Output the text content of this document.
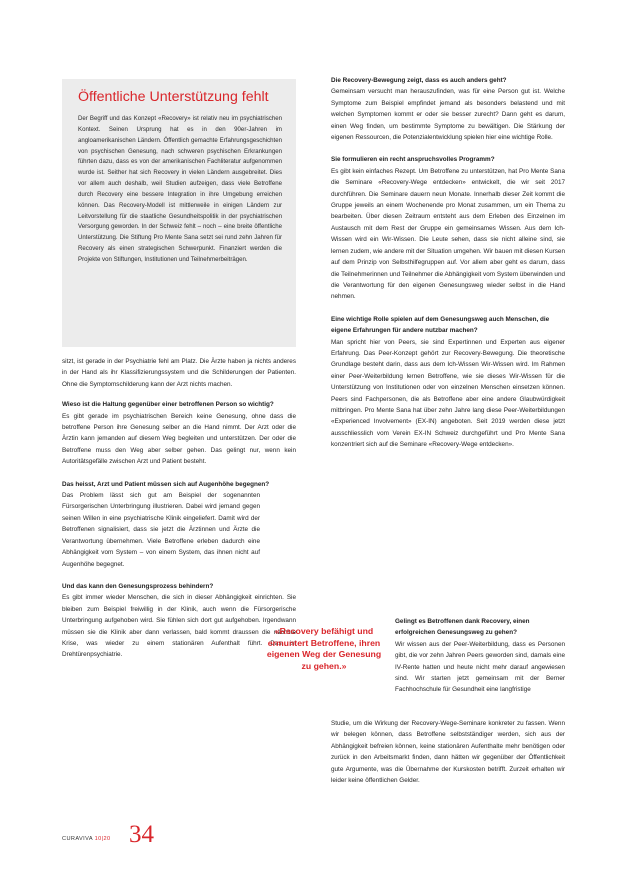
Öffentliche Unterstützung fehlt

Der Begriff und das Konzept «Recovery» ist relativ neu im psychiatrischen Kontext. Seinen Ursprung hat es in den 90er-Jahren im angloamerikanischen Ländern. Öffentlich gemachte Erfahrungsgeschichten von psychischen Genesung, nach schweren psychischen Erkrankungen führten dazu, dass es von der amerikanischen Fachliteratur aufgenommen wurde ist. Seither hat sich Recovery in vielen Ländern ausgebreitet. Dies vor allem auch deshalb, weil Studien aufzeigen, dass viele Betroffene durch Recovery eine bessere Integration in ihre Umgebung erreichen können. Das Recovery-Modell ist mittlerweile in einigen Ländern zur Leitvorstellung für die staatliche Gesundheitspolitik in der psychiatrischen Versorgung geworden. In der Schweiz fehlt – noch – eine breite öffentliche Unterstützung. Die Stiftung Pro Mente Sana setzt sei rund zehn Jahren für Recovery als einen strategischen Schwerpunkt. Finanziert werden die Projekte von Stiftungen, Institutionen und Teilnehmerbeiträgen.

sitzt, ist gerade in der Psychiatrie fehl am Platz. Die Ärzte haben ja nichts anderes in der Hand als ihr Klassifizierungssystem und die Schilderungen der Patienten. Ohne die Symptomschilderung kann der Arzt nichts machen.

Wieso ist die Haltung gegenüber einer betroffenen Person so wichtig?

Es gibt gerade im psychiatrischen Bereich keine Genesung, ohne dass die betroffene Person ihre Genesung selber an die Hand nimmt. Der Arzt oder die Ärztin kann jemanden auf diesem Weg begleiten und unterstützen. Der oder die Betroffene muss den Weg aber selber gehen. Das gelingt nur, wenn kein Autoritätsgefälle zwischen Arzt und Patient besteht.

Das heisst, Arzt und Patient müssen sich auf Augenhöhe begegnen?

Das Problem lässt sich gut am Beispiel der sogenannten Fürsorgerischen Unterbringung illustrieren. Dabei wird jemand gegen seinen Willen in eine psychiatrische Klinik eingeliefert. Damit wird der Betroffenen signalisiert, dass sie jetzt die Ärztinnen und Ärzte die Verantwortung übernehmen. Viele Betroffene erleben dadurch eine Abhängigkeit vom System – von einem System, das ihnen nicht auf Augenhöhe begegnet.

Und das kann den Genesungsprozess behindern?

Es gibt immer wieder Menschen, die sich in dieser Abhängigkeit einrichten. Sie bleiben zum Beispiel freiwillig in der Klinik, auch wenn die Fürsorgerische Unterbringung aufgehoben wird. Sie fühlen sich dort gut aufgehoben. Irgendwann müssen sie die Klinik aber dann verlassen, bald kommt draussen die nächste Krise, was wieder zu einem stationären Aufenthalt führt. Das ist Drehtürenpsychiatrie.

Die Recovery-Bewegung zeigt, dass es auch anders geht?

Gemeinsam versucht man herauszufinden, was für eine Person gut ist. Welche Symptome zum Beispiel empfindet jemand als besonders belastend und mit welchen Symptomen kommt er oder sie besser zurecht? Dann geht es darum, einen Weg finden, um bestimmte Symptome zu bewältigen. Die Stärkung der eigenen Ressourcen, die Potenzialentwicklung spielen hier eine wichtige Rolle.

Sie formulieren ein recht anspruchsvolles Programm?

Es gibt kein einfaches Rezept. Um Betroffene zu unterstützen, hat Pro Mente Sana die Seminare «Recovery-Wege entdecken» entwickelt, die wir seit 2017 durchführen. Die Seminare dauern neun Monate. Innerhalb dieser Zeit kommt die Gruppe jeweils an einem Wochenende pro Monat zusammen, um ein Thema zu bearbeiten. Über diesen Zeitraum entsteht aus dem Erleben des Einzelnen im Austausch mit dem Rest der Gruppe ein gemeinsames Wissen. Aus dem Ich-Wissen wird ein Wir-Wissen. Die Leute sehen, dass sie nicht alleine sind, sie lernen zudem, wie andere mit der Situation umgehen. Wir bauen mit diesen Kursen auf dem Prinzip von Selbsthilfegruppen auf. Vor allem aber geht es darum, dass die Teilnehmerinnen und Teilnehmer die Abhängigkeit vom System überwinden und die Verantwortung für den eigenen Genesungsweg wieder selbst in die Hand nehmen.

Eine wichtige Rolle spielen auf dem Genesungsweg auch Menschen, die eigene Erfahrungen für andere nutzbar machen?

Man spricht hier von Peers, sie sind Expertinnen und Experten aus eigener Erfahrung. Das Peer-Konzept gehört zur Recovery-Bewegung. Die theoretische Grundlage besteht darin, dass aus dem Ich-Wissen Wir-Wissen wird. Im Rahmen einer Peer-Weiterbildung lernen Betroffene, wie sie dieses Wir-Wissen für die Unterstützung von Institutionen oder von einzelnen Menschen einsetzen können. Peers sind Fachpersonen, die als Betroffene aber eine andere Glaubwürdigkeit mitbringen. Pro Mente Sana hat über zehn Jahre lang diese Peer-Weiterbildungen «Experienced Involvement» (EX-IN) angeboten. Seit 2019 werden diese jetzt ausschliesslich vom Verein EX-IN Schweiz durchgeführt und Pro Mente Sana konzentriert sich auf die Seminare «Recovery-Wege entdecken».

Gelingt es Betroffenen dank Recovery, einen erfolgreichen Genesungsweg zu gehen?

Wir wissen aus der Peer-Weiterbildung, dass es Personen gibt, die vor zehn Jahren Peers geworden sind, damals eine IV-Rente hatten und heute nicht mehr darauf angewiesen sind. Wir starten jetzt gemeinsam mit der Berner Fachhochschule für Gesundheit eine langfristige

Studie, um die Wirkung der Recovery-Wege-Seminare konkreter zu fassen. Wenn wir belegen können, dass Betroffene selbstständiger werden, sich aus der Abhängigkeit befreien können, keine stationären Aufenthalte mehr benötigen oder zurück in den Arbeitsmarkt finden, dann hätten wir gegenüber der Öffentlichkeit gute Argumente, was die Übernahme der Kurskosten betrifft. Zurzeit erhalten wir leider keine öffentlichen Gelder.

«Recovery befähigt und ermuntert Betroffene, ihren eigenen Weg der Genesung zu gehen.»
CURAVIVA 10|20 34
